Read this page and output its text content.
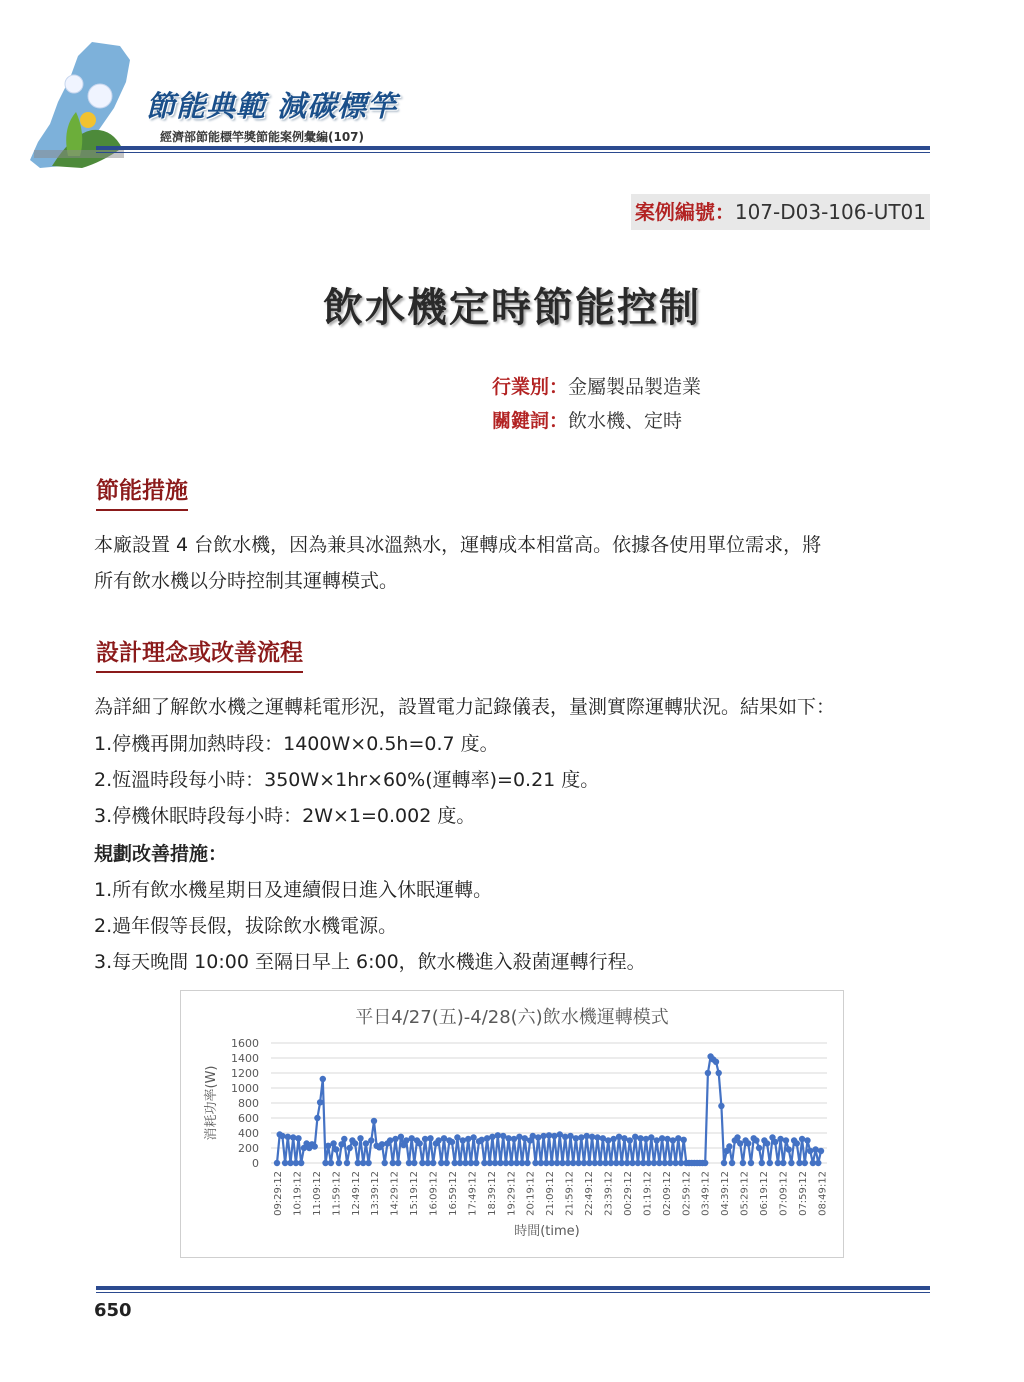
節能典範 減碳標竿
經濟部節能標竿獎節能案例彙編(107)
案例編號：107-D03-106-UT01
飲水機定時節能控制
行業別：金屬製品製造業
關鍵詞：飲水機、定時
節能措施
本廠設置 4 台飲水機，因為兼具冰溫熱水，運轉成本相當高。依據各使用單位需求，將
所有飲水機以分時控制其運轉模式。
設計理念或改善流程
為詳細了解飲水機之運轉耗電形況，設置電力記錄儀表，量測實際運轉狀況。結果如下：
1.停機再開加熱時段：1400W×0.5h=0.7 度。
2.恆溫時段每小時：350W×1hr×60%(運轉率)=0.21 度。
3.停機休眠時段每小時：2W×1=0.002 度。
規劃改善措施：
1.所有飲水機星期日及連續假日進入休眠運轉。
2.過年假等長假，拔除飲水機電源。
3.每天晚間 10:00 至隔日早上 6:00，飲水機進入殺菌運轉行程。
平日4/27(五)-4/28(六)飲水機運轉模式
消耗功率(W)
時間(time)
0
200
400
600
800
1000
1200
1400
1600
09:29:12 10:19:12 11:09:12 11:59:12 12:49:12 13:39:12 14:29:12 15:19:12 16:09:12 16:59:12 17:49:12 18:39:12 19:29:12 20:19:12 21:09:12 21:59:12 22:49:12 23:39:12 00:29:12 01:19:12 02:09:12 02:59:12 03:49:12 04:39:12 05:29:12 06:19:12 07:09:12 07:59:12 08:49:12
650
